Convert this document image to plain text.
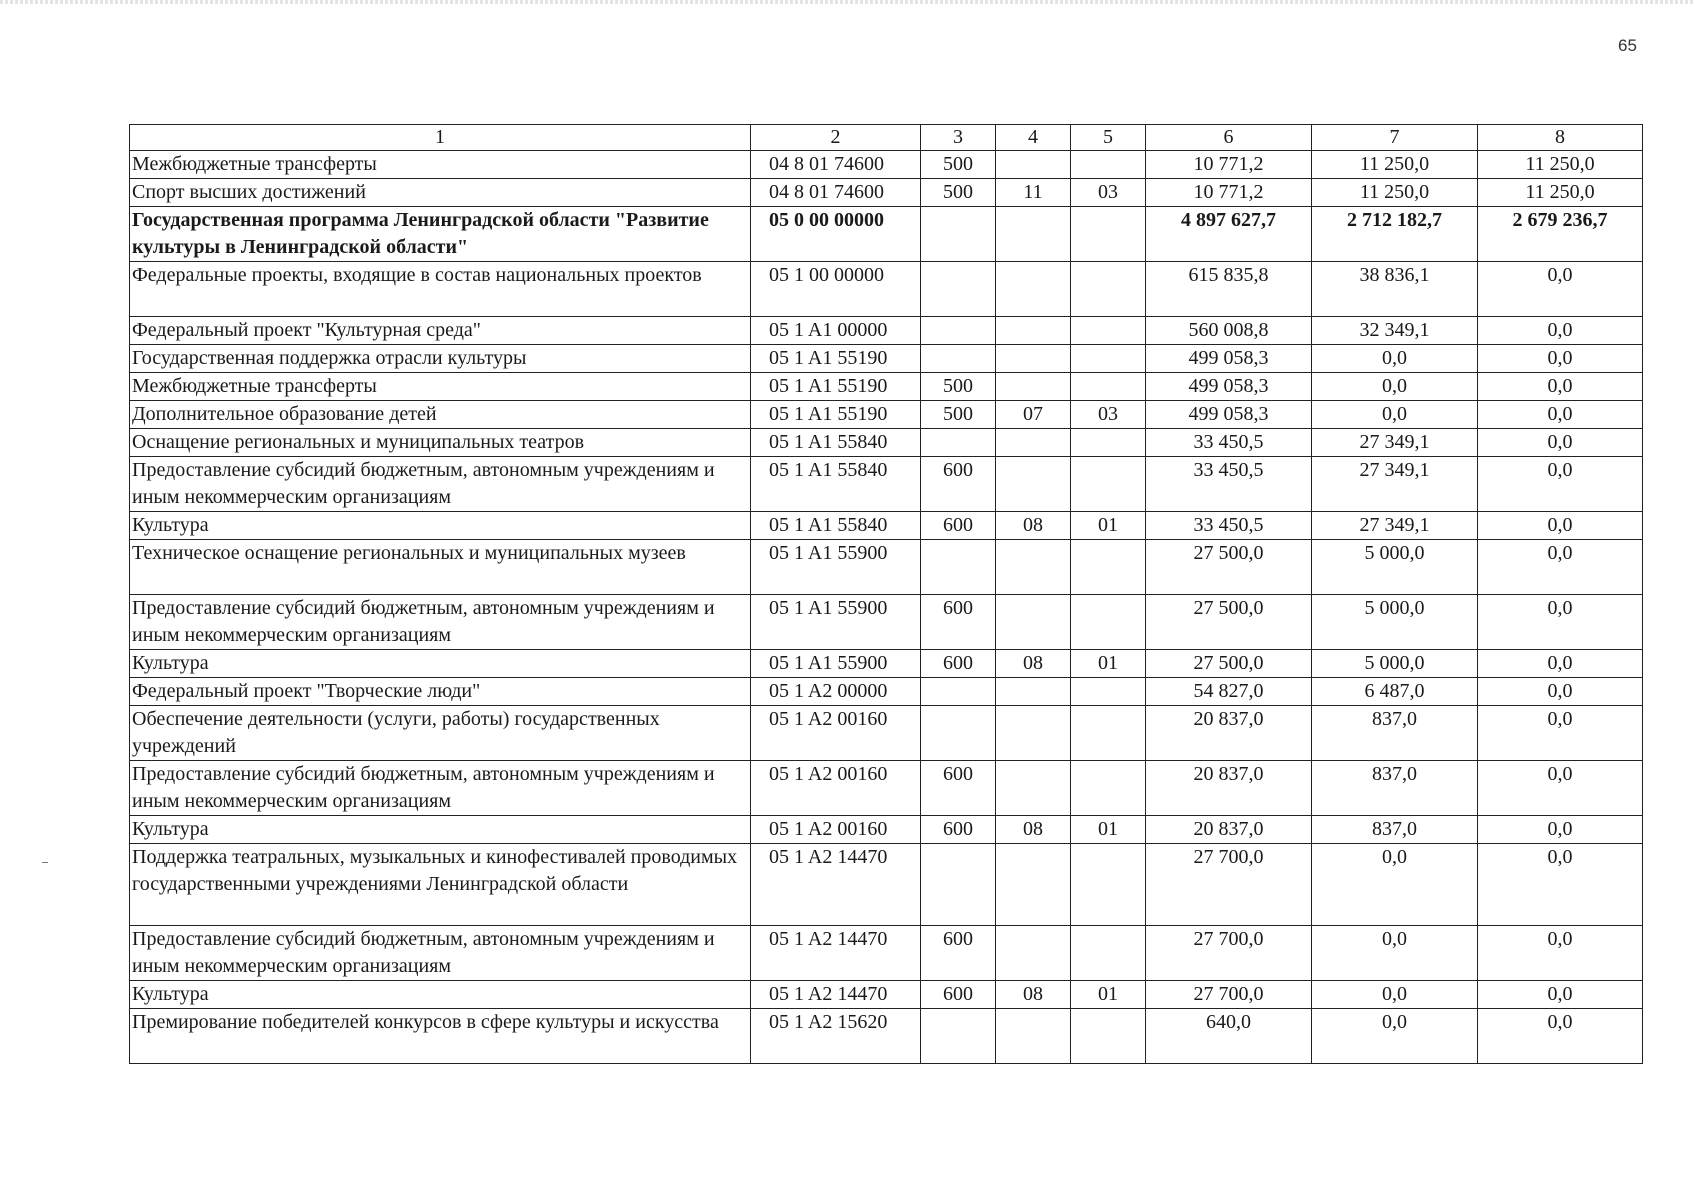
65
1	2	3	4	5	6	7	8
Межбюджетные трансферты	04 8 01 74600	500			10 771,2	11 250,0	11 250,0
Спорт высших достижений	04 8 01 74600	500	11	03	10 771,2	11 250,0	11 250,0
Государственная программа Ленинградской области "Развитие культуры в Ленинградской области"	05 0 00 00000				4 897 627,7	2 712 182,7	2 679 236,7
Федеральные проекты, входящие в состав национальных проектов	05 1 00 00000				615 835,8	38 836,1	0,0
Федеральный проект "Культурная среда"	05 1 A1 00000				560 008,8	32 349,1	0,0
Государственная поддержка отрасли культуры	05 1 A1 55190				499 058,3	0,0	0,0
Межбюджетные трансферты	05 1 A1 55190	500			499 058,3	0,0	0,0
Дополнительное образование детей	05 1 A1 55190	500	07	03	499 058,3	0,0	0,0
Оснащение региональных и муниципальных театров	05 1 A1 55840				33 450,5	27 349,1	0,0
Предоставление субсидий бюджетным, автономным учреждениям и иным некоммерческим организациям	05 1 A1 55840	600			33 450,5	27 349,1	0,0
Культура	05 1 A1 55840	600	08	01	33 450,5	27 349,1	0,0
Техническое оснащение региональных и муниципальных музеев	05 1 A1 55900				27 500,0	5 000,0	0,0
Предоставление субсидий бюджетным, автономным учреждениям и иным некоммерческим организациям	05 1 A1 55900	600			27 500,0	5 000,0	0,0
Культура	05 1 A1 55900	600	08	01	27 500,0	5 000,0	0,0
Федеральный проект "Творческие люди"	05 1 A2 00000				54 827,0	6 487,0	0,0
Обеспечение деятельности (услуги, работы) государственных учреждений	05 1 A2 00160				20 837,0	837,0	0,0
Предоставление субсидий бюджетным, автономным учреждениям и иным некоммерческим организациям	05 1 A2 00160	600			20 837,0	837,0	0,0
Культура	05 1 A2 00160	600	08	01	20 837,0	837,0	0,0
Поддержка театральных, музыкальных и кинофестивалей проводимых государственными учреждениями Ленинградской области	05 1 A2 14470				27 700,0	0,0	0,0
Предоставление субсидий бюджетным, автономным учреждениям и иным некоммерческим организациям	05 1 A2 14470	600			27 700,0	0,0	0,0
Культура	05 1 A2 14470	600	08	01	27 700,0	0,0	0,0
Премирование победителей конкурсов в сфере культуры и искусства	05 1 A2 15620				640,0	0,0	0,0
